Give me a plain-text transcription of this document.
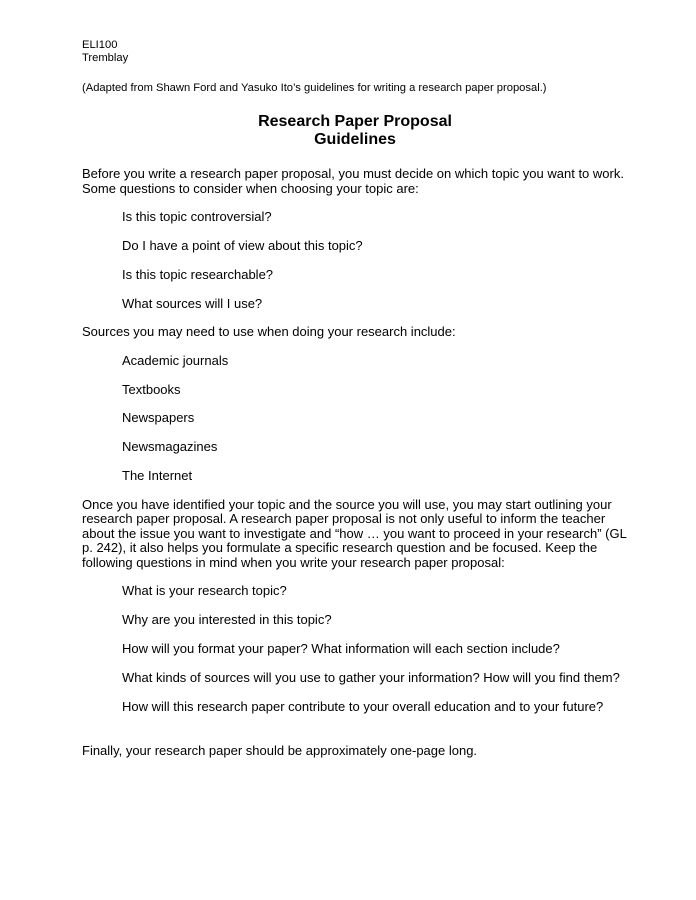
ELI100

Tremblay

(Adapted from Shawn Ford and Yasuko Ito’s guidelines for writing a research paper proposal.)

Research Paper Proposal
Guidelines

Before you write a research paper proposal, you must decide on which topic you want to work. Some questions to consider when choosing your topic are:

Is this topic controversial?
Do I have a point of view about this topic?
Is this topic researchable?
What sources will I use?

Sources you may need to use when doing your research include:

Academic journals
Textbooks
Newspapers
Newsmagazines
The Internet

Once you have identified your topic and the source you will use, you may start outlining your research paper proposal. A research paper proposal is not only useful to inform the teacher about the issue you want to investigate and “how … you want to proceed in your research” (GL p. 242), it also helps you formulate a specific research question and be focused. Keep the following questions in mind when you write your research paper proposal:

What is your research topic?
Why are you interested in this topic?
How will you format your paper? What information will each section include?
What kinds of sources will you use to gather your information? How will you find them?
How will this research paper contribute to your overall education and to your future?

Finally, your research paper should be approximately one-page long.
